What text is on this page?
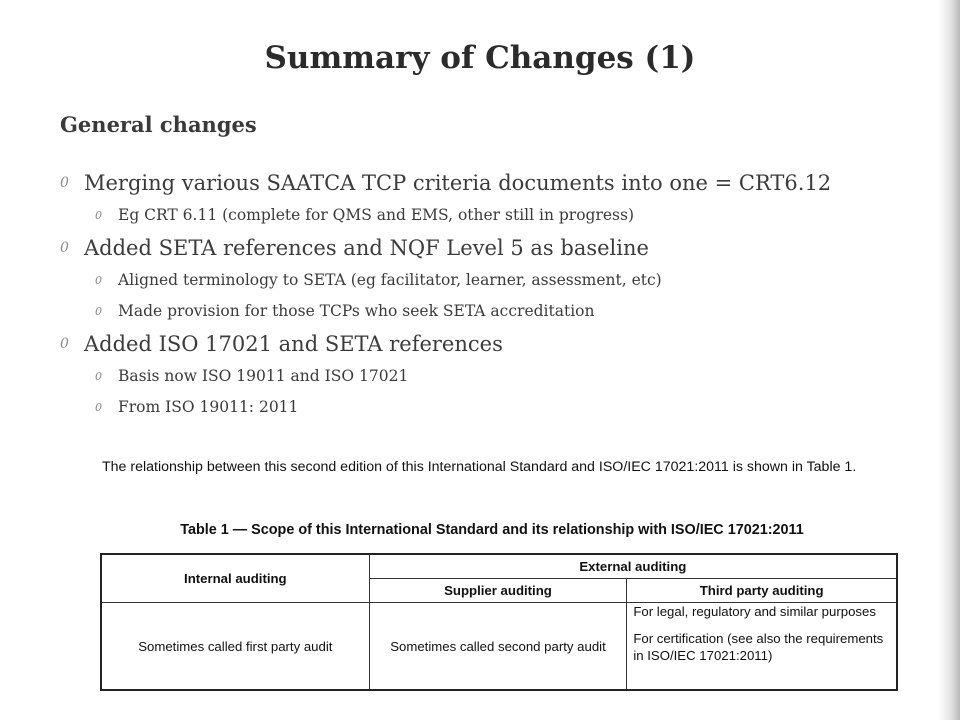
Summary of Changes (1)
General changes
0 Merging various SAATCA TCP criteria documents into one = CRT6.12
0 Eg CRT 6.11 (complete for QMS and EMS, other still in progress)
0 Added SETA references and NQF Level 5 as baseline
0 Aligned terminology to SETA (eg facilitator, learner, assessment, etc)
0 Made provision for those TCPs who seek SETA accreditation
0 Added ISO 17021 and SETA references
0 Basis now ISO 19011 and ISO 17021
0 From ISO 19011: 2011
The relationship between this second edition of this International Standard and ISO/IEC 17021:2011 is shown in Table 1.
Table 1 — Scope of this International Standard and its relationship with ISO/IEC 17021:2011
Internal auditing	External auditing	
	Supplier auditing	Third party auditing
Sometimes called first party audit	Sometimes called second party audit	For legal, regulatory and similar purposes

For certification (see also the requirements in ISO/IEC 17021:2011)
